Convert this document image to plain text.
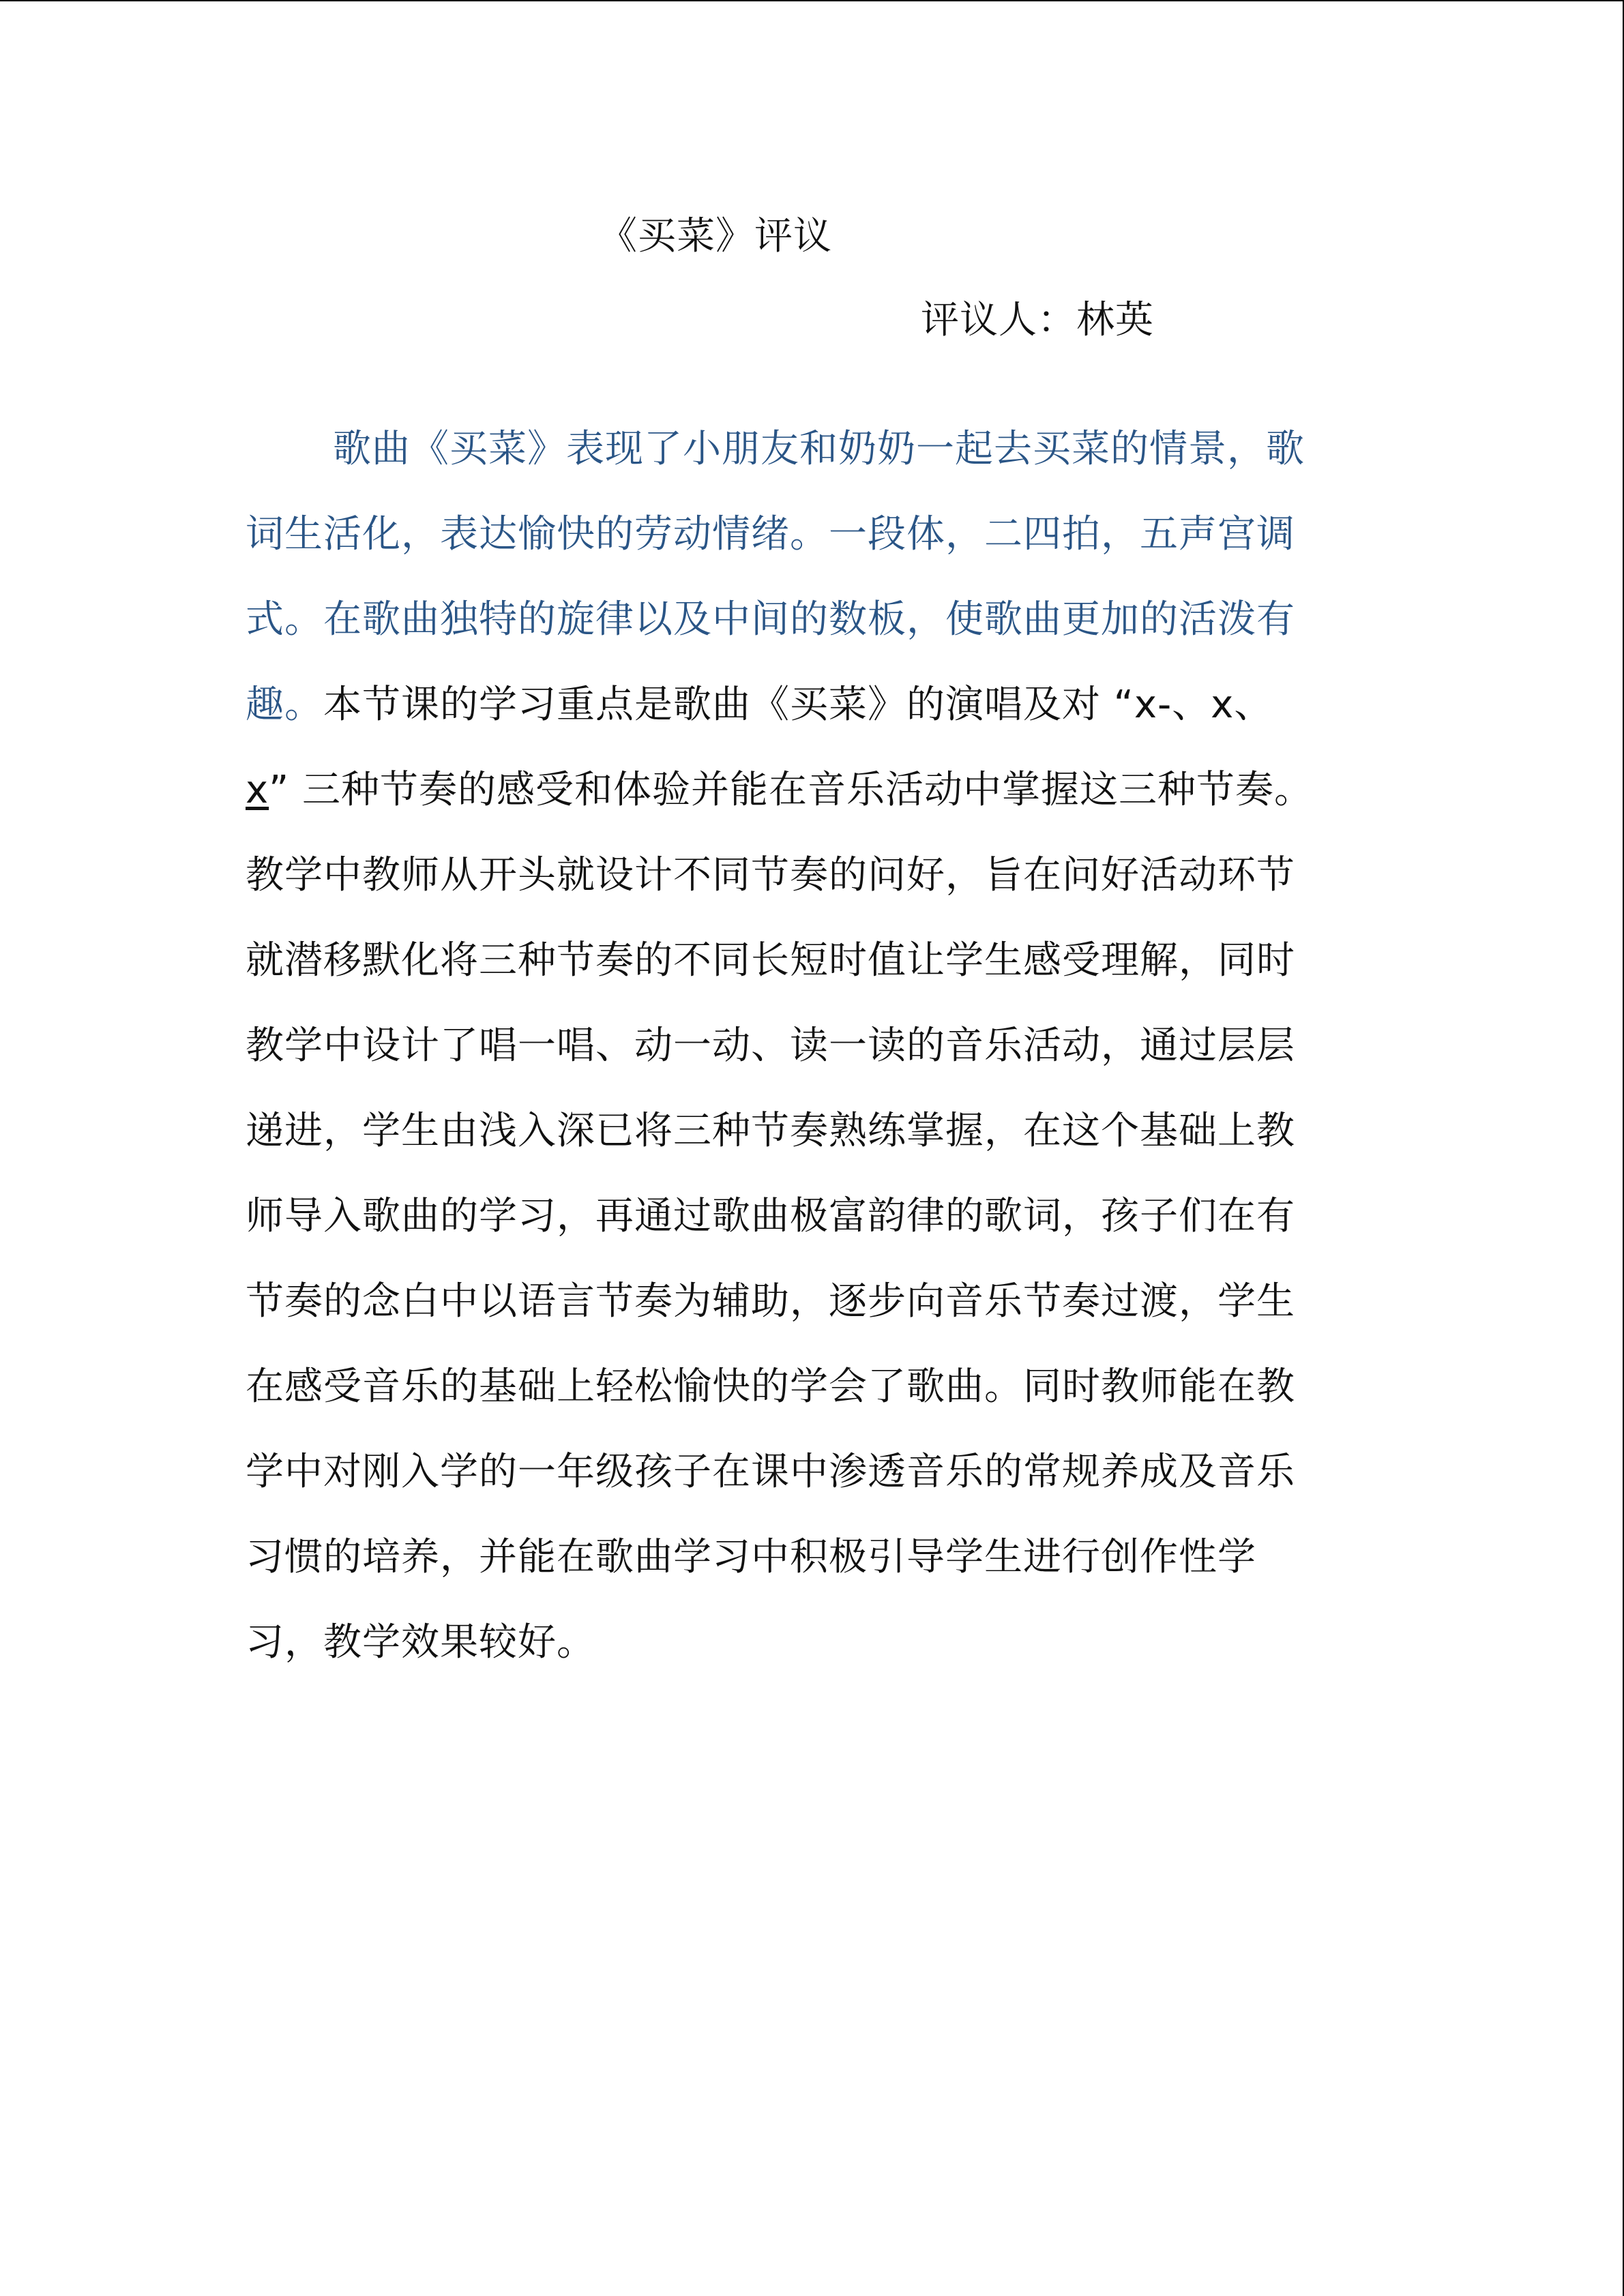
《买菜》评议
评议人：林英
歌曲《买菜》表现了小朋友和奶奶一起去买菜的情景，歌
词生活化，表达愉快的劳动情绪。一段体，二四拍，五声宫调
式。在歌曲独特的旋律以及中间的数板，使歌曲更加的活泼有
趣。本节课的学习重点是歌曲《买菜》的演唱及对 “x-、x、
x” 三种节奏的感受和体验并能在音乐活动中掌握这三种节奏。
教学中教师从开头就设计不同节奏的问好，旨在问好活动环节
就潜移默化将三种节奏的不同长短时值让学生感受理解，同时
教学中设计了唱一唱、动一动、读一读的音乐活动，通过层层
递进，学生由浅入深已将三种节奏熟练掌握，在这个基础上教
师导入歌曲的学习，再通过歌曲极富韵律的歌词，孩子们在有
节奏的念白中以语言节奏为辅助，逐步向音乐节奏过渡，学生
在感受音乐的基础上轻松愉快的学会了歌曲。同时教师能在教
学中对刚入学的一年级孩子在课中渗透音乐的常规养成及音乐
习惯的培养，并能在歌曲学习中积极引导学生进行创作性学
习，教学效果较好。
